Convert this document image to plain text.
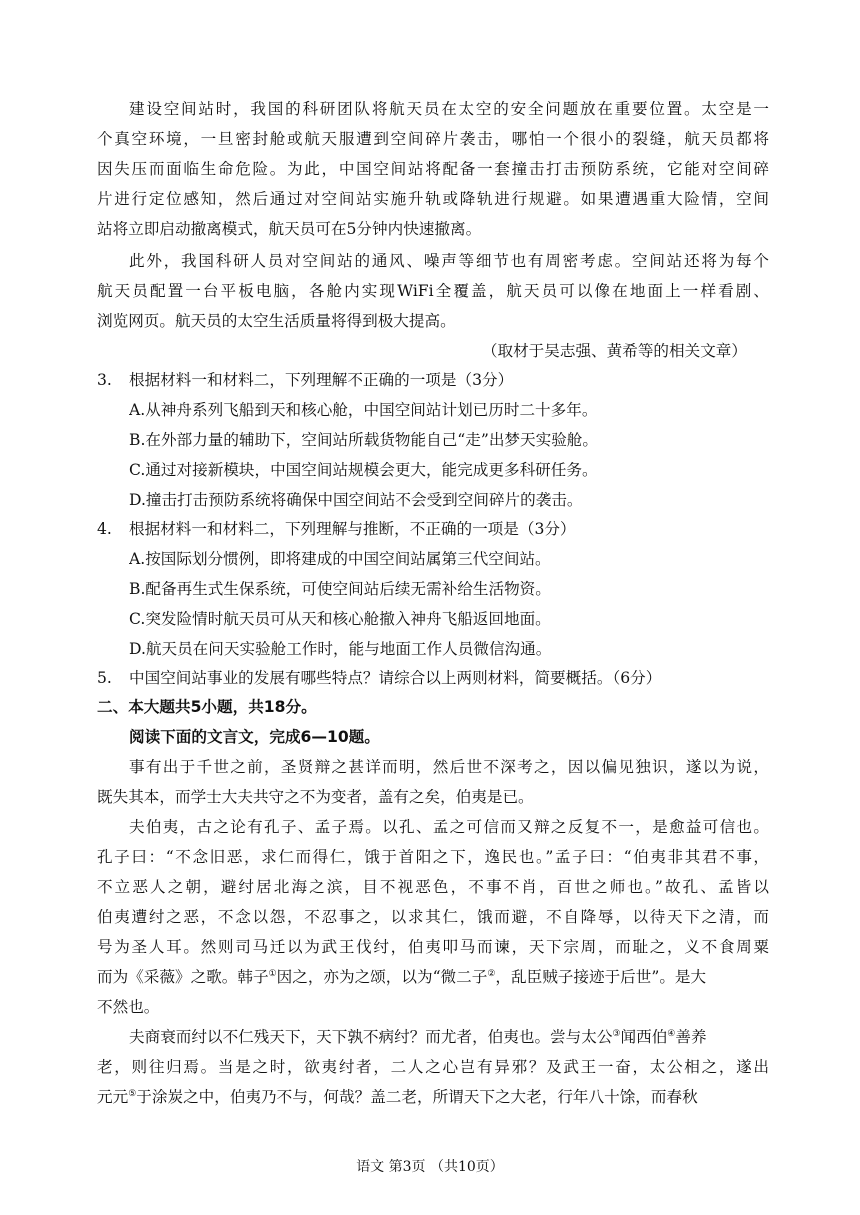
建设空间站时，我国的科研团队将航天员在太空的安全问题放在重要位置。太空是一
个真空环境，一旦密封舱或航天服遭到空间碎片袭击，哪怕一个很小的裂缝，航天员都将
因失压而面临生命危险。为此，中国空间站将配备一套撞击打击预防系统，它能对空间碎
片进行定位感知，然后通过对空间站实施升轨或降轨进行规避。如果遭遇重大险情，空间
站将立即启动撤离模式，航天员可在5分钟内快速撤离。
此外，我国科研人员对空间站的通风、噪声等细节也有周密考虑。空间站还将为每个
航天员配置一台平板电脑，各舱内实现WiFi全覆盖，航天员可以像在地面上一样看剧、
浏览网页。航天员的太空生活质量将得到极大提高。
（取材于吴志强、黄希等的相关文章）
3. 根据材料一和材料二，下列理解不正确的一项是（3分）
A.从神舟系列飞船到天和核心舱，中国空间站计划已历时二十多年。
B.在外部力量的辅助下，空间站所载货物能自己“走”出梦天实验舱。
C.通过对接新模块，中国空间站规模会更大，能完成更多科研任务。
D.撞击打击预防系统将确保中国空间站不会受到空间碎片的袭击。
4. 根据材料一和材料二，下列理解与推断，不正确的一项是（3分）
A.按国际划分惯例，即将建成的中国空间站属第三代空间站。
B.配备再生式生保系统，可使空间站后续无需补给生活物资。
C.突发险情时航天员可从天和核心舱撤入神舟飞船返回地面。
D.航天员在问天实验舱工作时，能与地面工作人员微信沟通。
5. 中国空间站事业的发展有哪些特点？请综合以上两则材料，简要概括。（6分）
二、本大题共5小题，共18分。
阅读下面的文言文，完成6—10题。
事有出于千世之前，圣贤辩之甚详而明，然后世不深考之，因以偏见独识，遂以为说，
既失其本，而学士大夫共守之不为变者，盖有之矣，伯夷是已。
夫伯夷，古之论有孔子、孟子焉。以孔、孟之可信而又辩之反复不一，是愈益可信也。
孔子曰：“不念旧恶，求仁而得仁，饿于首阳之下，逸民也。”孟子曰：“伯夷非其君不事，
不立恶人之朝，避纣居北海之滨，目不视恶色，不事不肖，百世之师也。”故孔、孟皆以
伯夷遭纣之恶，不念以怨，不忍事之，以求其仁，饿而避，不自降辱，以待天下之清，而
号为圣人耳。然则司马迁以为武王伐纣，伯夷叩马而谏，天下宗周，而耻之，义不食周粟
而为《采薇》之歌。韩子①因之，亦为之颂，以为“微二子②，乱臣贼子接迹于后世”。是大
不然也。
夫商衰而纣以不仁残天下，天下孰不病纣？而尤者，伯夷也。尝与太公③闻西伯④善养
老，则往归焉。当是之时，欲夷纣者，二人之心岂有异邪？及武王一奋，太公相之，遂出
元元⑤于涂炭之中，伯夷乃不与，何哉？盖二老，所谓天下之大老，行年八十馀，而春秋
语文 第3页 （共10页）
